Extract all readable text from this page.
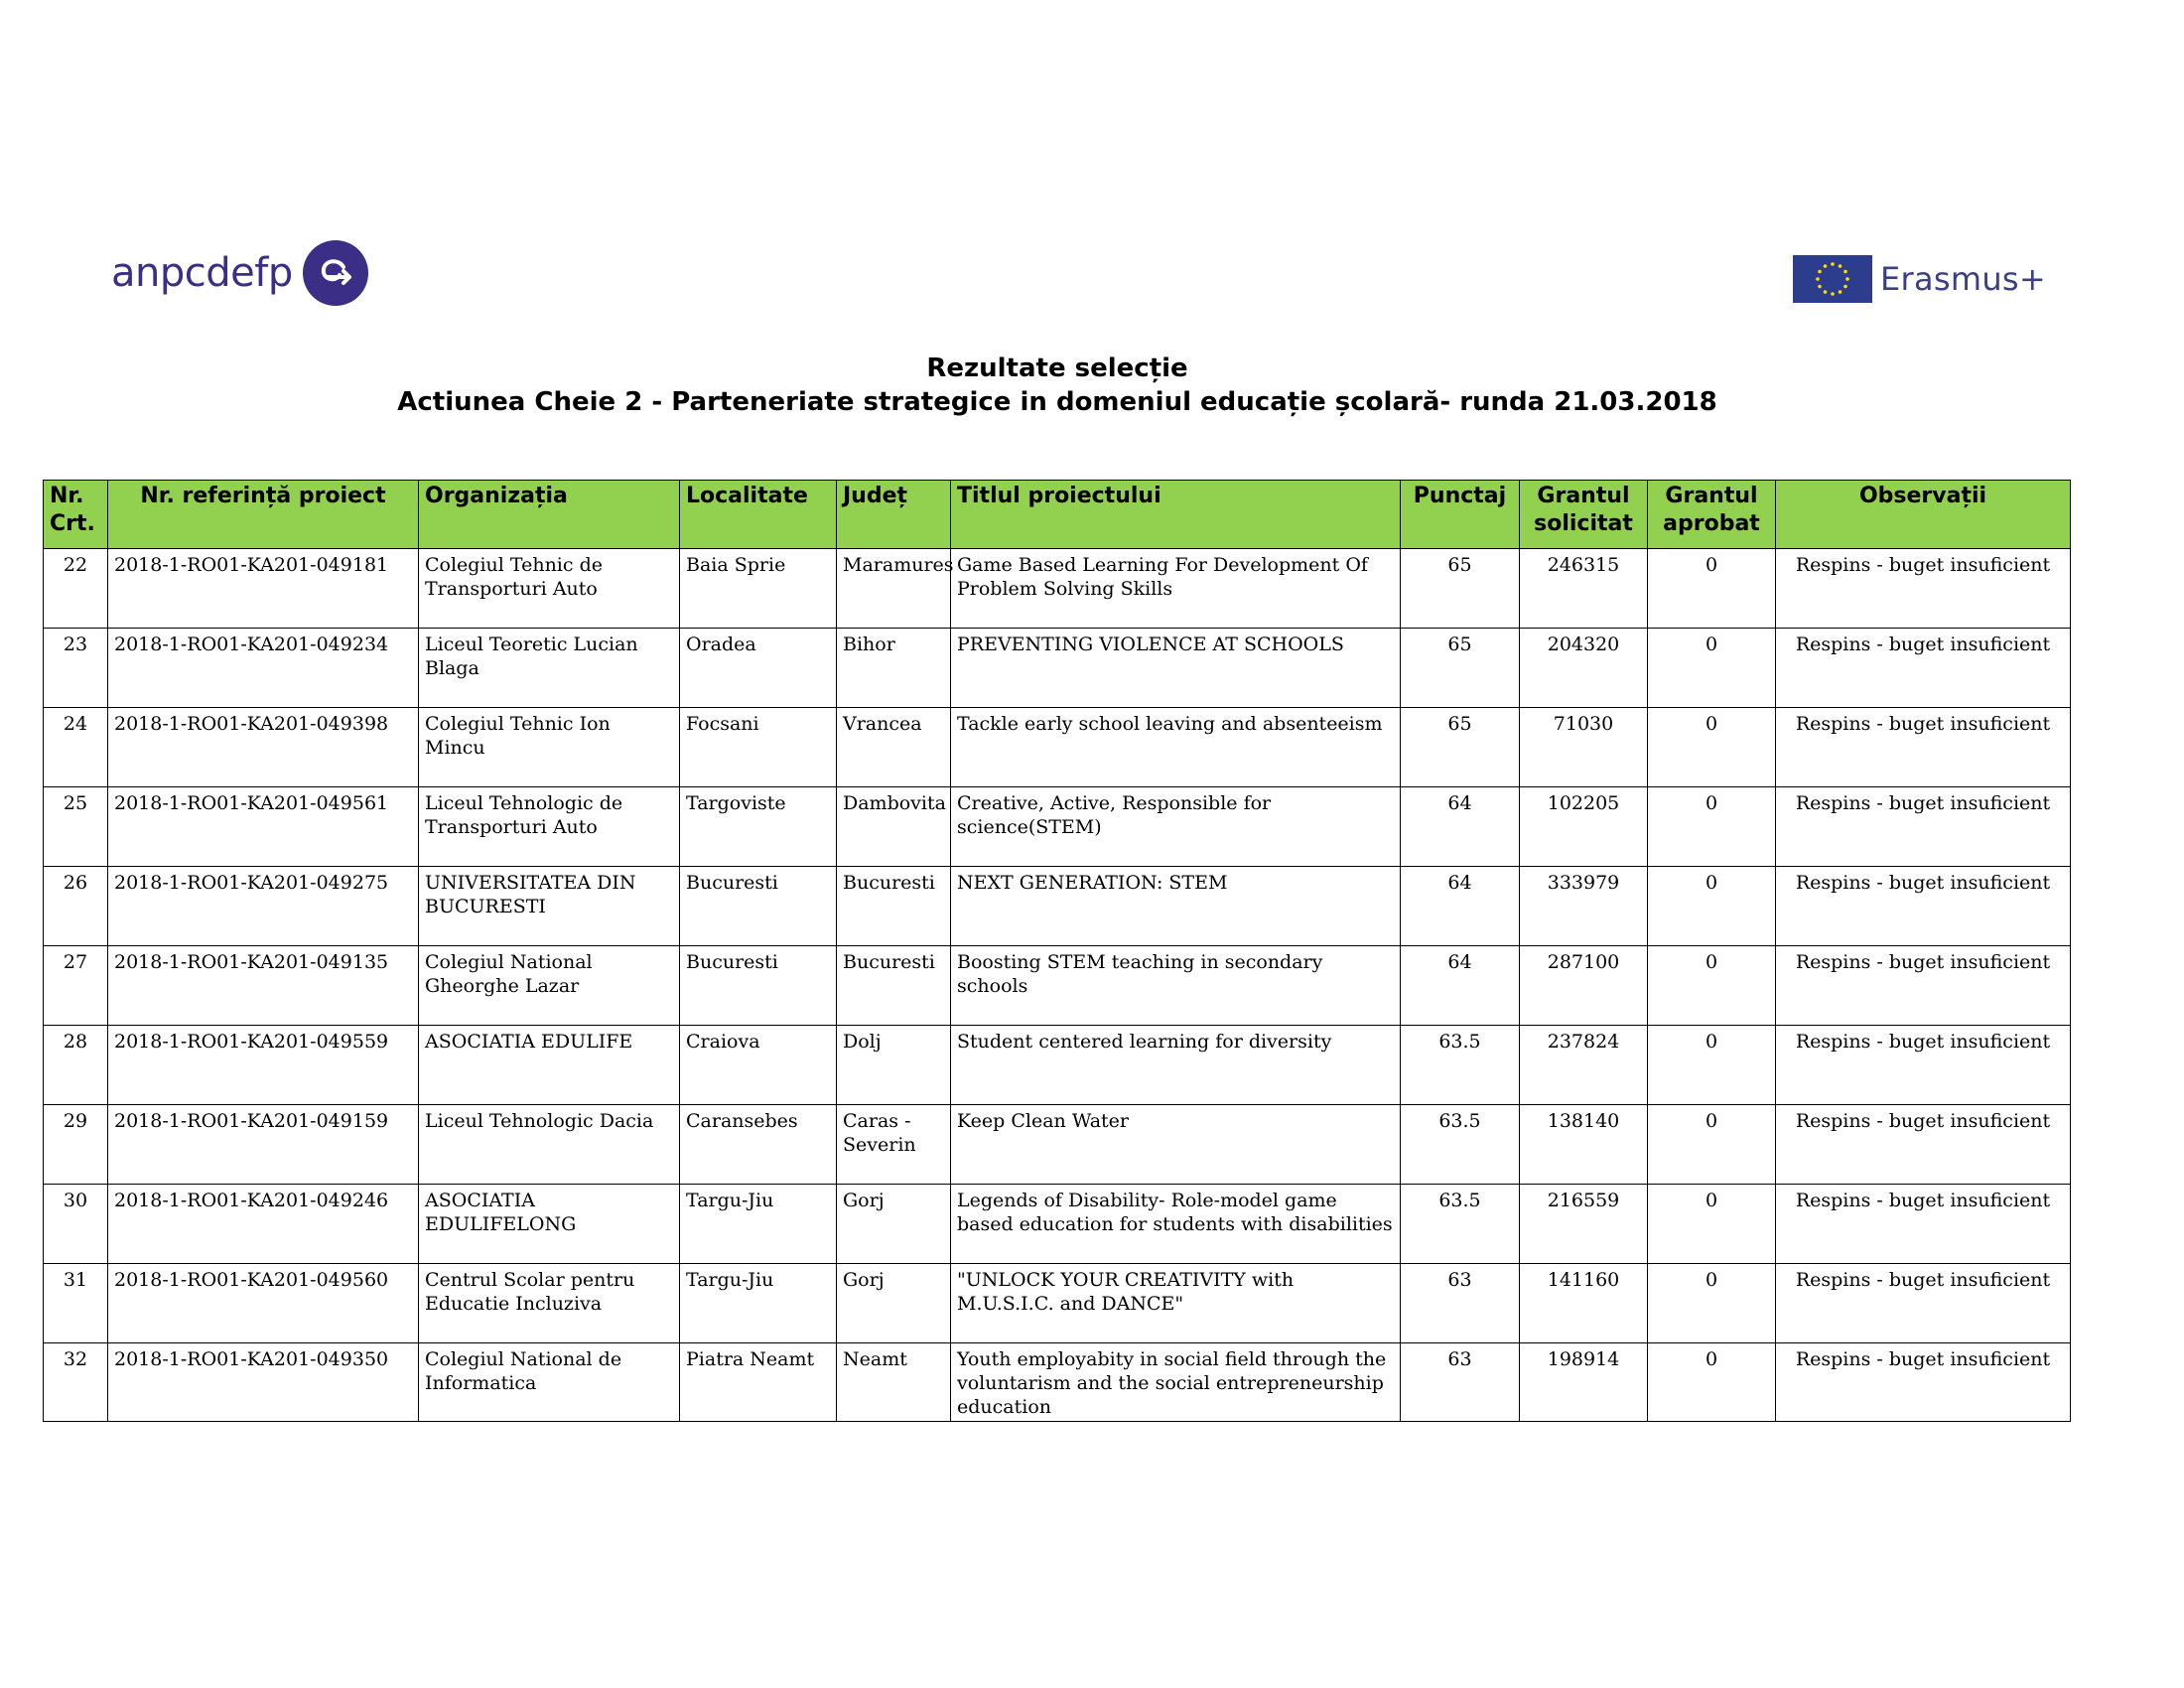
anpcdefp	Erasmus+
Rezultate selecție
Actiunea Cheie 2 - Parteneriate strategice in domeniul educație școlară- runda 21.03.2018
Nr. Crt.	Nr. referință proiect	Organizația	Localitate	Județ	Titlul proiectului	Punctaj	Grantul solicitat	Grantul aprobat	Observații
22	2018-1-RO01-KA201-049181	Colegiul Tehnic de Transporturi Auto	Baia Sprie	Maramures	Game Based Learning For Development Of Problem Solving Skills	65	246315	0	Respins - buget insuficient
23	2018-1-RO01-KA201-049234	Liceul Teoretic Lucian Blaga	Oradea	Bihor	PREVENTING VIOLENCE AT SCHOOLS	65	204320	0	Respins - buget insuficient
24	2018-1-RO01-KA201-049398	Colegiul Tehnic Ion Mincu	Focsani	Vrancea	Tackle early school leaving and absenteeism	65	71030	0	Respins - buget insuficient
25	2018-1-RO01-KA201-049561	Liceul Tehnologic de Transporturi Auto	Targoviste	Dambovita	Creative, Active, Responsible for science(STEM)	64	102205	0	Respins - buget insuficient
26	2018-1-RO01-KA201-049275	UNIVERSITATEA DIN BUCURESTI	Bucuresti	Bucuresti	NEXT GENERATION: STEM	64	333979	0	Respins - buget insuficient
27	2018-1-RO01-KA201-049135	Colegiul National Gheorghe Lazar	Bucuresti	Bucuresti	Boosting STEM teaching in secondary schools	64	287100	0	Respins - buget insuficient
28	2018-1-RO01-KA201-049559	ASOCIATIA EDULIFE	Craiova	Dolj	Student centered learning for diversity	63.5	237824	0	Respins - buget insuficient
29	2018-1-RO01-KA201-049159	Liceul Tehnologic Dacia	Caransebes	Caras - Severin	Keep Clean Water	63.5	138140	0	Respins - buget insuficient
30	2018-1-RO01-KA201-049246	ASOCIATIA EDULIFELONG	Targu-Jiu	Gorj	Legends of Disability- Role-model game based education for students with disabilities	63.5	216559	0	Respins - buget insuficient
31	2018-1-RO01-KA201-049560	Centrul Scolar pentru Educatie Incluziva	Targu-Jiu	Gorj	"UNLOCK YOUR CREATIVITY with M.U.S.I.C. and DANCE"	63	141160	0	Respins - buget insuficient
32	2018-1-RO01-KA201-049350	Colegiul National de Informatica	Piatra Neamt	Neamt	Youth employabity in social field through the voluntarism and the social entrepreneurship education	63	198914	0	Respins - buget insuficient
